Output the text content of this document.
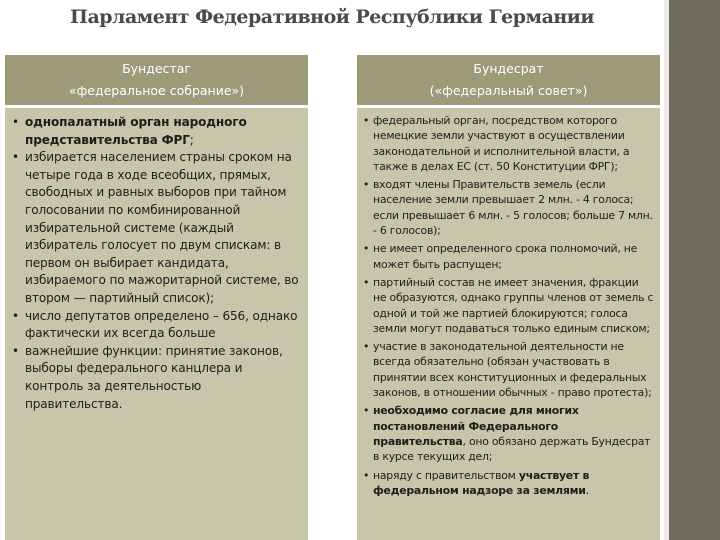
Парламент Федеративной Республики Германии
Бундестаг
«федеральное собрание»)
• однопалатный орган народного представительства ФРГ;
• избирается населением страны сроком на четыре года в ходе всеобщих, прямых, свободных и равных выборов при тайном голосовании по комбинированной избирательной системе (каждый избиратель голосует по двум спискам: в первом он выбирает кандидата, избираемого по мажоритарной системе, во втором — партийный список);
• число депутатов определено – 656, однако фактически их всегда больше
• важнейшие функции: принятие законов, выборы федерального канцлера и контроль за деятельностью правительства.
Бундесрат
(«федеральный совет»)
• федеральный орган, посредством которого немецкие земли участвуют в осуществлении законодательной и исполнительной власти, а также в делах ЕС (ст. 50 Конституции ФРГ);
• входят члены Правительств земель (если население земли превышает 2 млн. - 4 голоса; если превышает 6 млн. - 5 голосов; больше 7 млн. - 6 голосов);
• не имеет определенного срока полномочий, не может быть распущен;
• партийный состав не имеет значения, фракции не образуются, однако группы членов от земель с одной и той же партией блокируются; голоса земли могут подаваться только единым списком;
• участие в законодательной деятельности не всегда обязательно (обязан участвовать в принятии всех конституционных и федеральных законов, в отношении обычных - право протеста);
• необходимо согласие для многих постановлений Федерального правительства, оно обязано держать Бундесрат в курсе текущих дел;
• наряду с правительством участвует в федеральном надзоре за землями.
